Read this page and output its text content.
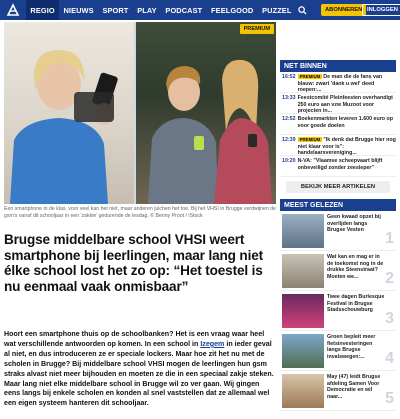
REGIO	NIEUWS	SPORT	PLAY	PODCAST	FEELGOOD	PUZZEL	ABONNEREN INLOGGEN
PREMIUM
Een smartphone in de klas, voor veel kan het niet, maar anderen juichen het toe. Bij het VHSI in Brugge verdwijnen de gsm's vanaf dit schooljaar in een 'zakkie' gedurende de lesdag. © Benny Proot / iStock
Brugse middelbare school VHSI weert smartphone bij leerlingen, maar lang niet élke school lost het zo op: “Het toestel is nu eenmaal vaak onmisbaar”

Hoort een smartphone thuis op de schoolbanken? Het is een vraag waar heel wat verschillende antwoorden op komen. In een school in Izegem in ieder geval al niet, en dus introduceren ze er speciale lockers. Maar hoe zit het nu met de scholen in Brugge? Bij middelbare school VHSI mogen de leerlingen hun gsm straks alvast niet meer bijhouden en moeten ze die in een speciaal zakje steken. Maar lang niet elke middelbare school in Brugge wil zo ver gaan. Wij gingen eens langs bij enkele scholen en konden al snel vaststellen dat ze allemaal wel een eigen systeem hanteren dit schooljaar.

NET BINNEN
16:52 PREMIUM De man die de fans van blauw: zwart 'dank u wel' deed roepen:...
13:33 Feestcomité Pleinfeesten overhandigt 250 euro aan vzw Muzoot voor projecten in...
12:52 Boekenmarkten leveren 1.600 euro op voor goede doelen
12:39 PREMIUM "Ik denk dat Brugge hier nog niet klaar voor is": handelaarsvereniging...
10:20 N-VA: "Vlaamse scheepvaart blijft onbeveiligd zonder zeesleper"
BEKIJK MEER ARTIKELEN
MEEST GELEZEN
Geen kwaad opzet bij overlijden langs Brugse Vesten	1
Wat kan en mag er in de toekomst nog in de drukke Steenstraat? Moeten we...	2
Twee dagen Burlesque Festival in Brugse Stadsschouwburg 3
Groen bepleit meer fietsinvesteringen langs Brugse invalswegen:...	4
May (47) leidt Brugse afdeling Samen Voor Democratie en wil naar...	5
